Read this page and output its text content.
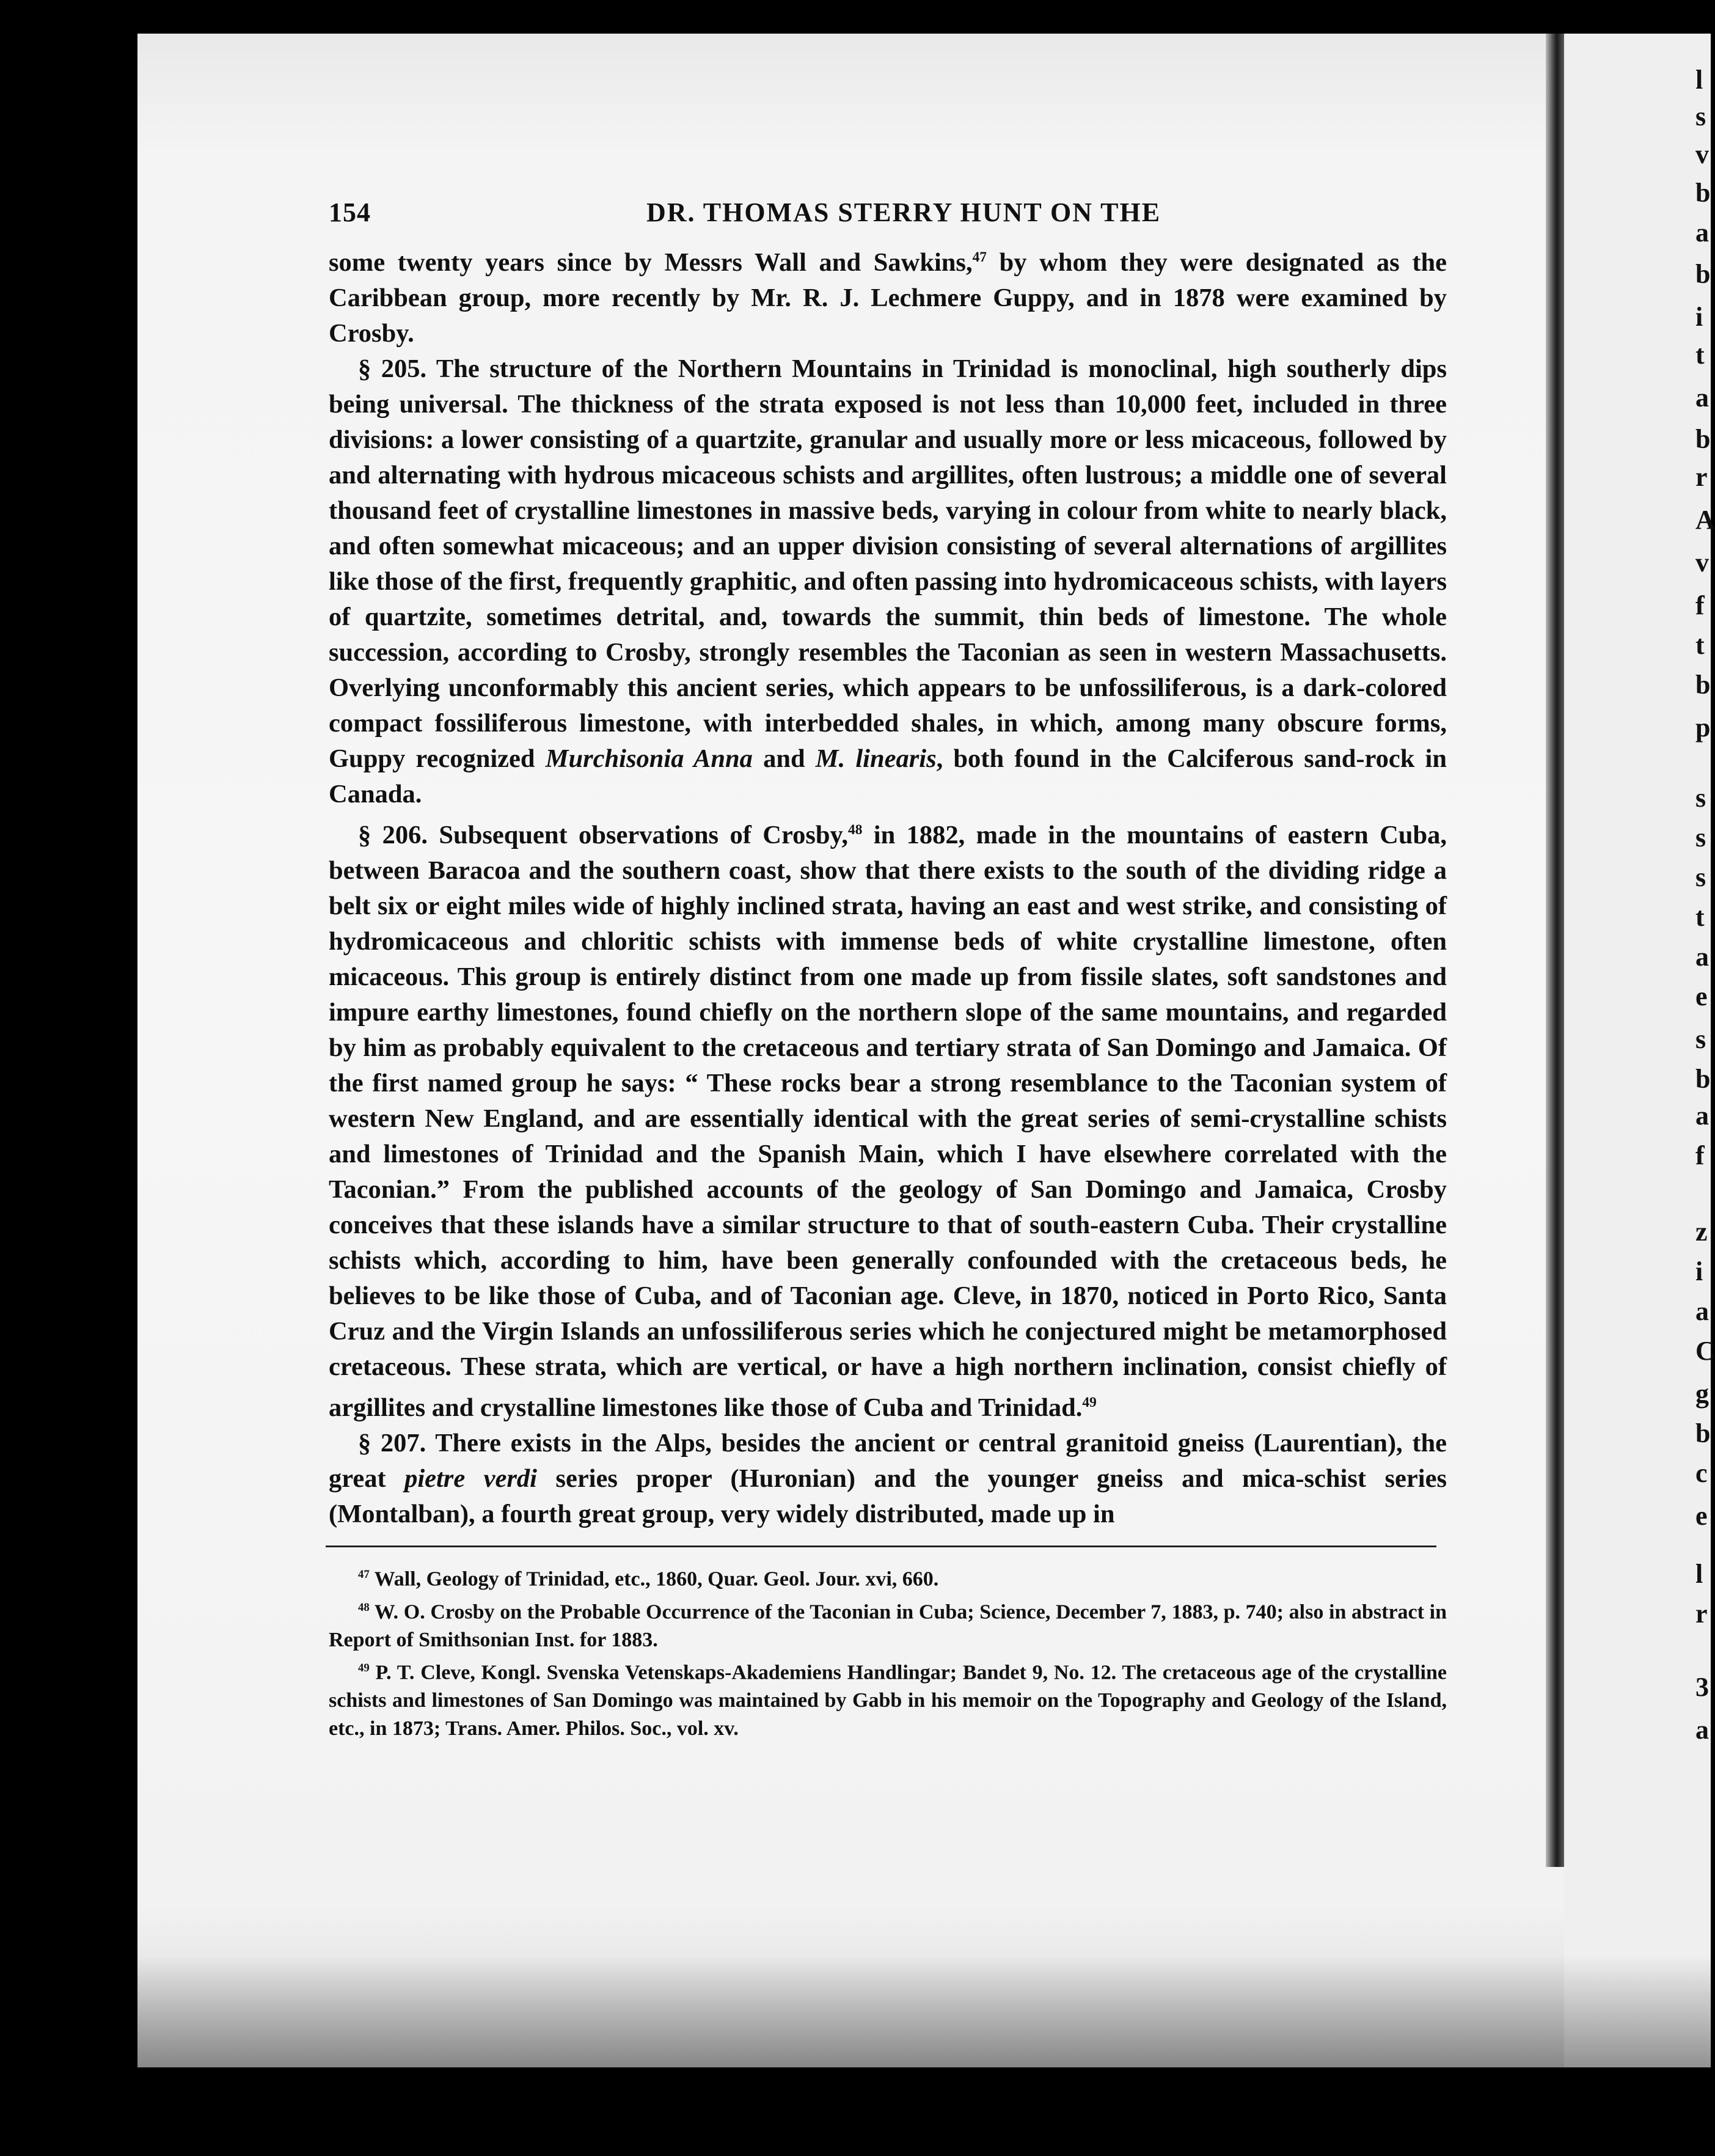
l
s
v
b
a
b
i
t
a
b
r
A
v
f
t
b
p
s
s
s
t
a
e
s
b
a
f
z
i
a
C
g
b
c
e
l
r
3
a
154	DR. THOMAS STERRY HUNT ON THE

some twenty years since by Messrs Wall and Sawkins,$^{47}$ by whom they were designated as the Caribbean group, more recently by Mr. R. J. Lechmere Guppy, and in 1878 were examined by Crosby.

§ 205. The structure of the Northern Mountains in Trinidad is monoclinal, high southerly dips being universal. The thickness of the strata exposed is not less than 10,000 feet, included in three divisions: a lower consisting of a quartzite, granular and usually more or less micaceous, followed by and alternating with hydrous micaceous schists and argillites, often lustrous; a middle one of several thousand feet of crystalline limestones in massive beds, varying in colour from white to nearly black, and often somewhat micaceous; and an upper division consisting of several alternations of argillites like those of the first, frequently graphitic, and often passing into hydromicaceous schists, with layers of quartzite, sometimes detrital, and, towards the summit, thin beds of limestone. The whole succession, according to Crosby, strongly resembles the Taconian as seen in western Massachusetts. Overlying unconformably this ancient series, which appears to be unfossiliferous, is a dark-colored compact fossiliferous limestone, with interbedded shales, in which, among many obscure forms, Guppy recognized Murchisonia Anna and M. linearis, both found in the Calciferous sand-rock in Canada.

§ 206. Subsequent observations of Crosby,$^{48}$ in 1882, made in the mountains of eastern Cuba, between Baracoa and the southern coast, show that there exists to the south of the dividing ridge a belt six or eight miles wide of highly inclined strata, having an east and west strike, and consisting of hydromicaceous and chloritic schists with immense beds of white crystalline limestone, often micaceous. This group is entirely distinct from one made up from fissile slates, soft sandstones and impure earthy limestones, found chiefly on the northern slope of the same mountains, and regarded by him as probably equivalent to the cretaceous and tertiary strata of San Domingo and Jamaica. Of the first named group he says: “ These rocks bear a strong resemblance to the Taconian system of western New England, and are essentially identical with the great series of semi-crystalline schists and limestones of Trinidad and the Spanish Main, which I have elsewhere correlated with the Taconian.” From the published accounts of the geology of San Domingo and Jamaica, Crosby conceives that these islands have a similar structure to that of south-eastern Cuba. Their crystalline schists which, according to him, have been generally confounded with the cretaceous beds, he believes to be like those of Cuba, and of Taconian age. Cleve, in 1870, noticed in Porto Rico, Santa Cruz and the Virgin Islands an unfossiliferous series which he conjectured might be metamorphosed cretaceous. These strata, which are vertical, or have a high northern inclination, consist chiefly of argillites and crystalline limestones like those of Cuba and Trinidad.$^{49}$

§ 207. There exists in the Alps, besides the ancient or central granitoid gneiss (Laurentian), the great pietre verdi series proper (Huronian) and the younger gneiss and mica-schist series (Montalban), a fourth great group, very widely distributed, made up in

$^{47}$ Wall, Geology of Trinidad, etc., 1860, Quar. Geol. Jour. xvi, 660.

$^{48}$ W. O. Crosby on the Probable Occurrence of the Taconian in Cuba; Science, December 7, 1883, p. 740; also in abstract in Report of Smithsonian Inst. for 1883.

$^{49}$ P. T. Cleve, Kongl. Svenska Vetenskaps-Akademiens Handlingar; Bandet 9, No. 12. The cretaceous age of the crystalline schists and limestones of San Domingo was maintained by Gabb in his memoir on the Topography and Geology of the Island, etc., in 1873; Trans. Amer. Philos. Soc., vol. xv.
